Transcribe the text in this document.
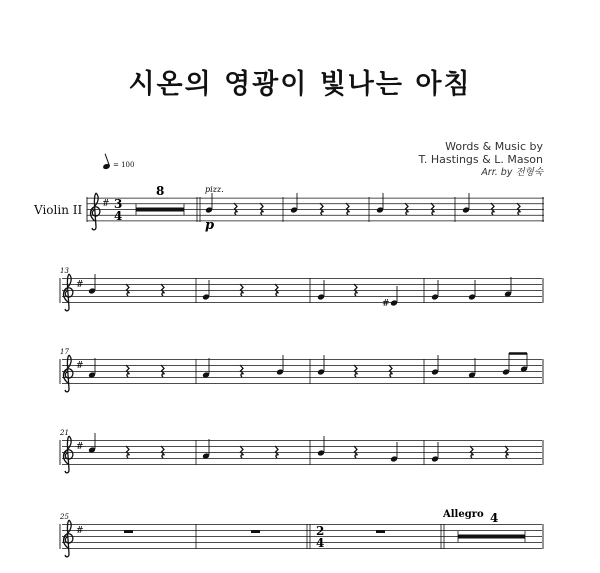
시온의 영광이 빛나는 아침
Words & Music by
T. Hastings & L. Mason
Arr. by 전형숙
= 100
Violin II # 3
4
8	pizz.
p
#
13
#
#
17
#
21
#
25
2
4
Allegro 4
